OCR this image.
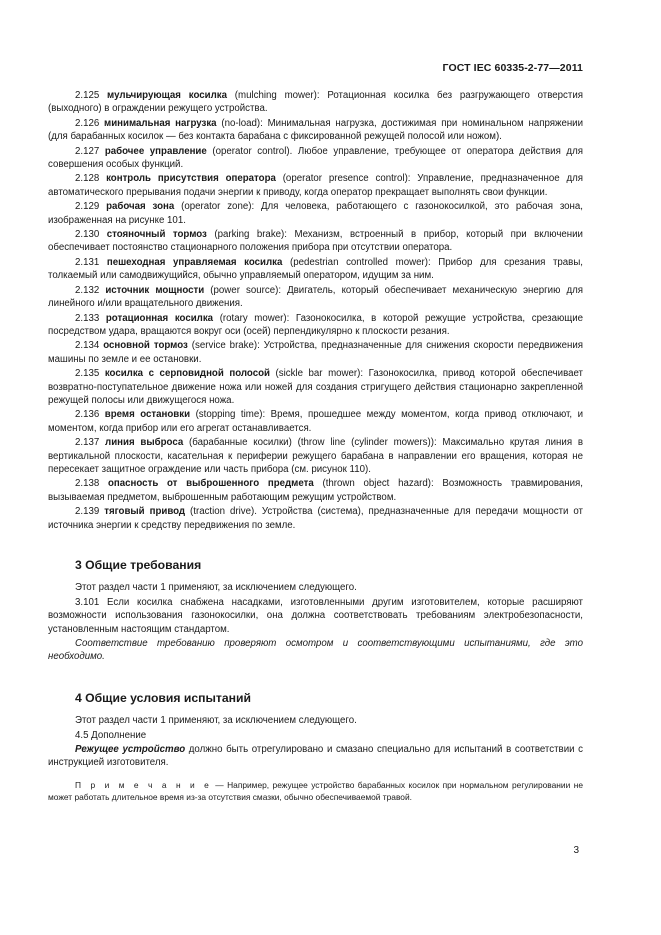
ГОСТ IEC 60335-2-77—2011

2.125 мульчирующая косилка (mulching mower): Ротационная косилка без разгружающего отверстия (выходного) в ограждении режущего устройства.

2.126 минимальная нагрузка (no-load): Минимальная нагрузка, достижимая при номинальном напряжении (для барабанных косилок — без контакта барабана с фиксированной режущей полосой или ножом).

2.127 рабочее управление (operator control). Любое управление, требующее от оператора действия для совершения особых функций.

2.128 контроль присутствия оператора (operator presence control): Управление, предназначенное для автоматического прерывания подачи энергии к приводу, когда оператор прекращает выполнять свои функции.

2.129 рабочая зона (operator zone): Для человека, работающего с газонокосилкой, это рабочая зона, изображенная на рисунке 101.

2.130 стояночный тормоз (parking brake): Механизм, встроенный в прибор, который при включении обеспечивает постоянство стационарного положения прибора при отсутствии оператора.

2.131 пешеходная управляемая косилка (pedestrian controlled mower): Прибор для срезания травы, толкаемый или самодвижущийся, обычно управляемый оператором, идущим за ним.

2.132 источник мощности (power source): Двигатель, который обеспечивает механическую энергию для линейного и/или вращательного движения.

2.133 ротационная косилка (rotary mower): Газонокосилка, в которой режущие устройства, срезающие посредством удара, вращаются вокруг оси (осей) перпендикулярно к плоскости резания.

2.134 основной тормоз (service brake): Устройства, предназначенные для снижения скорости передвижения машины по земле и ее остановки.

2.135 косилка с серповидной полосой (sickle bar mower): Газонокосилка, привод которой обеспечивает возвратно-поступательное движение ножа или ножей для создания стригущего действия стационарно закрепленной режущей полосы или движущегося ножа.

2.136 время остановки (stopping time): Время, прошедшее между моментом, когда привод отключают, и моментом, когда прибор или его агрегат останавливается.

2.137 линия выброса (барабанные косилки) (throw line (cylinder mowers)): Максимально крутая линия в вертикальной плоскости, касательная к периферии режущего барабана в направлении его вращения, которая не пересекает защитное ограждение или часть прибора (см. рисунок 110).

2.138 опасность от выброшенного предмета (thrown object hazard): Возможность травмирования, вызываемая предметом, выброшенным работающим режущим устройством.

2.139 тяговый привод (traction drive). Устройства (система), предназначенные для передачи мощности от источника энергии к средству передвижения по земле.

3 Общие требования

Этот раздел части 1 применяют, за исключением следующего.

3.101 Если косилка снабжена насадками, изготовленными другим изготовителем, которые расширяют возможности использования газонокосилки, она должна соответствовать требованиям электробезопасности, установленным настоящим стандартом.

Соответствие требованию проверяют осмотром и соответствующими испытаниями, где это необходимо.

4 Общие условия испытаний

Этот раздел части 1 применяют, за исключением следующего.

4.5 Дополнение

Режущее устройство должно быть отрегулировано и смазано специально для испытаний в соответствии с инструкцией изготовителя.

П р и м е ч а н и е — Например, режущее устройство барабанных косилок при нормальном регулировании не может работать длительное время из-за отсутствия смазки, обычно обеспечиваемой травой.

3
